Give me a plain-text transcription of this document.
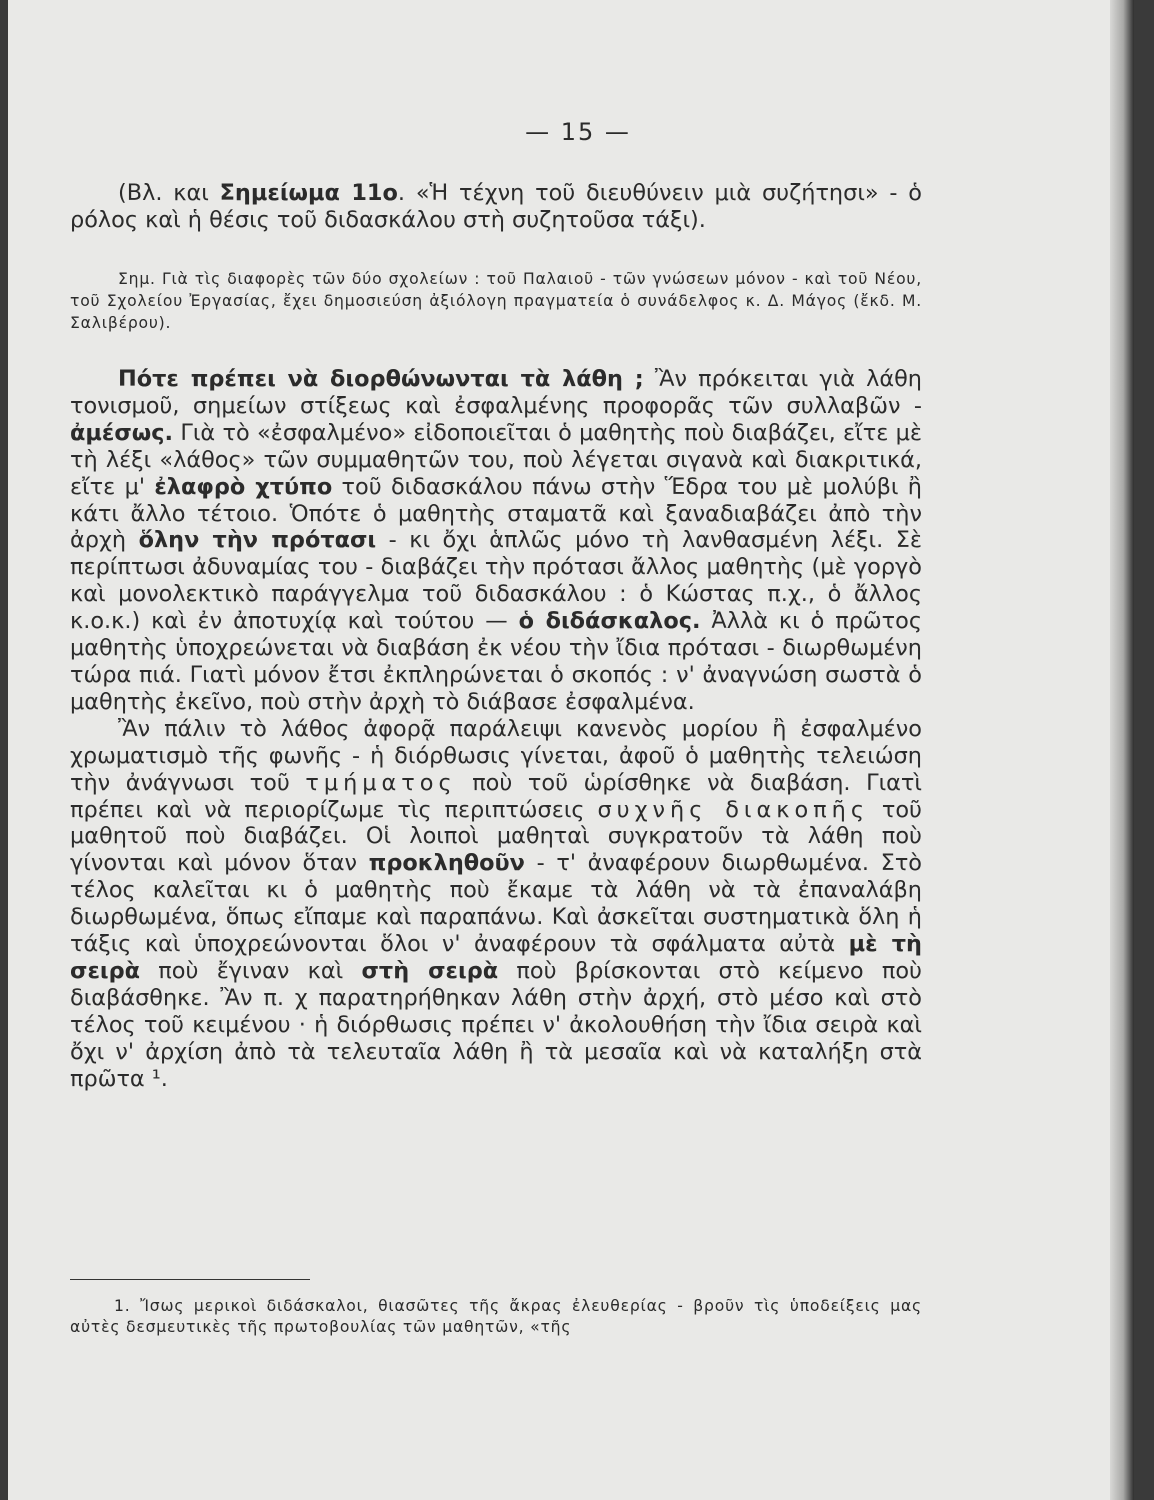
— 15 —

(Βλ. και Σημείωμα 11ο. «Ἡ τέχνη τοῦ διευθύνειν μιὰ συζήτησι» - ὁ ρόλος καὶ ἡ θέσις τοῦ διδασκάλου στὴ συζητοῦσα τάξι).

Σημ. Γιὰ τὶς διαφορὲς τῶν δύο σχολείων : τοῦ Παλαιοῦ - τῶν γνώσεων μόνον - καὶ τοῦ Νέου, τοῦ Σχολείου Ἐργασίας, ἔχει δημοσιεύση ἀξιόλογη πραγματεία ὁ συνάδελφος κ. Δ. Μάγος (ἔκδ. Μ. Σαλιβέρου).

Πότε πρέπει νὰ διορθώνωνται τὰ λάθη ; Ἂν πρόκειται γιὰ λάθη τονισμοῦ, σημείων στίξεως καὶ ἐσφαλμένης προφορᾶς τῶν συλλαβῶν - ἀμέσως. Γιὰ τὸ «ἐσφαλμένο» εἰδοποιεῖται ὁ μαθητὴς ποὺ διαβάζει, εἴτε μὲ τὴ λέξι «λάθος» τῶν συμμαθητῶν του, ποὺ λέγεται σιγανὰ καὶ διακριτικά, εἴτε μ' ἐλαφρὸ χτύπο τοῦ διδασκάλου πάνω στὴν Ἕδρα του μὲ μολύβι ἢ κάτι ἄλλο τέτοιο. Ὁπότε ὁ μαθητὴς σταματᾶ καὶ ξαναδιαβάζει ἀπὸ τὴν ἀρχὴ ὅλην τὴν πρότασι - κι ὄχι ἁπλῶς μόνο τὴ λανθασμένη λέξι. Σὲ περίπτωσι ἀδυναμίας του - διαβάζει τὴν πρότασι ἄλλος μαθητὴς (μὲ γοργὸ καὶ μονολεκτικὸ παράγγελμα τοῦ διδασκάλου : ὁ Κώστας π.χ., ὁ ἄλλος κ.ο.κ.) καὶ ἐν ἀποτυχίᾳ καὶ τούτου — ὁ διδάσκαλος. Ἀλλὰ κι ὁ πρῶτος μαθητὴς ὑποχρεώνεται νὰ διαβάση ἐκ νέου τὴν ἴδια πρότασι - διωρθωμένη τώρα πιά. Γιατὶ μόνον ἔτσι ἐκπληρώνεται ὁ σκοπός : ν' ἀναγνώση σωστὰ ὁ μαθητὴς ἐκεῖνο, ποὺ στὴν ἀρχὴ τὸ διάβασε ἐσφαλμένα.

Ἂν πάλιν τὸ λάθος ἀφορᾷ παράλειψι κανενὸς μορίου ἢ ἐσφαλμένο χρωματισμὸ τῆς φωνῆς - ἡ διόρθωσις γίνεται, ἀφοῦ ὁ μαθητὴς τελειώση τὴν ἀνάγνωσι τοῦ τμήματος ποὺ τοῦ ὡρίσθηκε νὰ διαβάση. Γιατὶ πρέπει καὶ νὰ περιορίζωμε τὶς περιπτώσεις συχνῆς διακοπῆς τοῦ μαθητοῦ ποὺ διαβάζει. Οἱ λοιποὶ μαθηταὶ συγκρατοῦν τὰ λάθη ποὺ γίνονται καὶ μόνον ὅταν προκληθοῦν - τ' ἀναφέρουν διωρθωμένα. Στὸ τέλος καλεῖται κι ὁ μαθητὴς ποὺ ἔκαμε τὰ λάθη νὰ τὰ ἐπαναλάβη διωρθωμένα, ὅπως εἴπαμε καὶ παραπάνω. Καὶ ἀσκεῖται συστηματικὰ ὅλη ἡ τάξις καὶ ὑποχρεώνονται ὅλοι ν' ἀναφέρουν τὰ σφάλματα αὐτὰ μὲ τὴ σειρὰ ποὺ ἔγιναν καὶ στὴ σειρὰ ποὺ βρίσκονται στὸ κείμενο ποὺ διαβάσθηκε. Ἂν π. χ παρατηρήθηκαν λάθη στὴν ἀρχή, στὸ μέσο καὶ στὸ τέλος τοῦ κειμένου · ἡ διόρθωσις πρέπει ν' ἀκολουθήση τὴν ἴδια σειρὰ καὶ ὄχι ν' ἀρχίση ἀπὸ τὰ τελευταῖα λάθη ἢ τὰ μεσαῖα καὶ νὰ καταλήξη στὰ πρῶτα ¹.

1. Ἴσως μερικοὶ διδάσκαλοι, θιασῶτες τῆς ἄκρας ἐλευθερίας - βροῦν τὶς ὑποδείξεις μας αὐτὲς δεσμευτικὲς τῆς πρωτοβουλίας τῶν μαθητῶν, «τῆς
